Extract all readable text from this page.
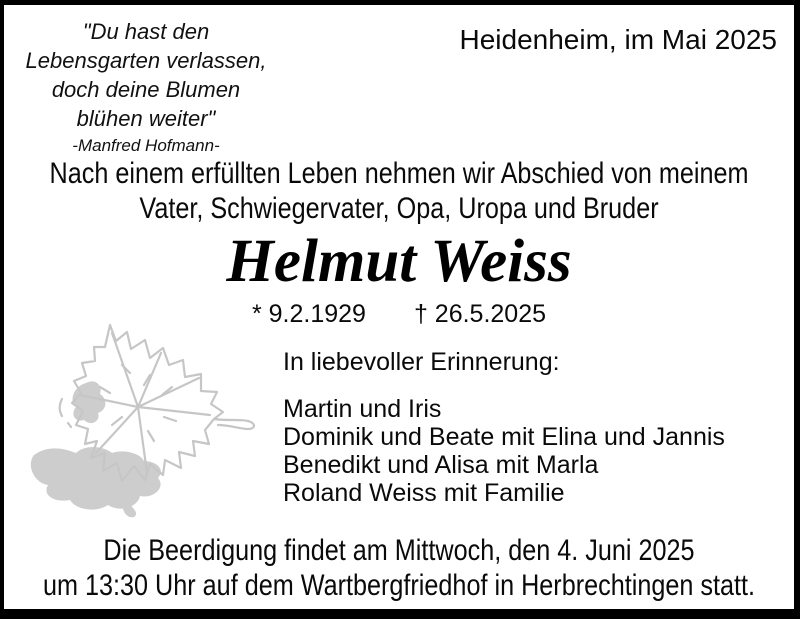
"Du hast den
Lebensgarten verlassen,
doch deine Blumen
blühen weiter"
-Manfred Hofmann-
Heidenheim, im Mai 2025
Nach einem erfüllten Leben nehmen wir Abschied von meinem
Vater, Schwiegervater, Opa, Uropa und Bruder
Helmut Weiss
* 9.2.1929 † 26.5.2025
In liebevoller Erinnerung:
Martin und Iris
Dominik und Beate mit Elina und Jannis
Benedikt und Alisa mit Marla
Roland Weiss mit Familie
Die Beerdigung findet am Mittwoch, den 4. Juni 2025
um 13:30 Uhr auf dem Wartbergfriedhof in Herbrechtingen statt.
